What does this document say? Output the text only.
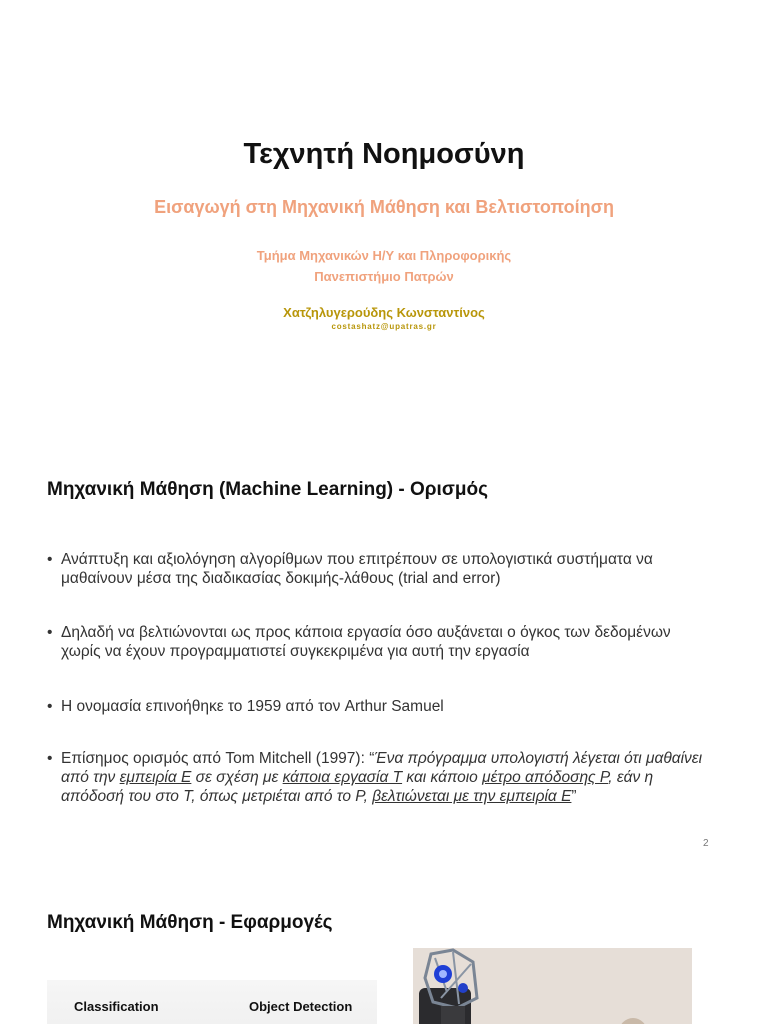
Τεχνητή Νοημοσύνη
Εισαγωγή στη Μηχανική Μάθηση και Βελτιστοποίηση
Τμήμα Μηχανικών Η/Υ και Πληροφορικής
Πανεπιστήμιο Πατρών
Χατζηλυγερούδης Κωνσταντίνος
costashatz@upatras.gr
Μηχανική Μάθηση (Machine Learning) - Ορισμός
• Ανάπτυξη και αξιολόγηση αλγορίθμων που επιτρέπουν σε υπολογιστικά συστήματα να μαθαίνουν μέσα της διαδικασίας δοκιμής-λάθους (trial and error)
• Δηλαδή να βελτιώνονται ως προς κάποια εργασία όσο αυξάνεται ο όγκος των δεδομένων χωρίς να έχουν προγραμματιστεί συγκεκριμένα για αυτή την εργασία
• Η ονομασία επινοήθηκε το 1959 από τον Arthur Samuel
• Επίσημος ορισμός από Tom Mitchell (1997): “Ένα πρόγραμμα υπολογιστή λέγεται ότι μαθαίνει από την εμπειρία Ε σε σχέση με κάποια εργασία Τ και κάποιο μέτρο απόδοσης P, εάν η απόδοσή του στο Τ, όπως μετριέται από το P, βελτιώνεται με την εμπειρία Ε”
2
Μηχανική Μάθηση - Εφαρμογές
Classification	Object Detection
